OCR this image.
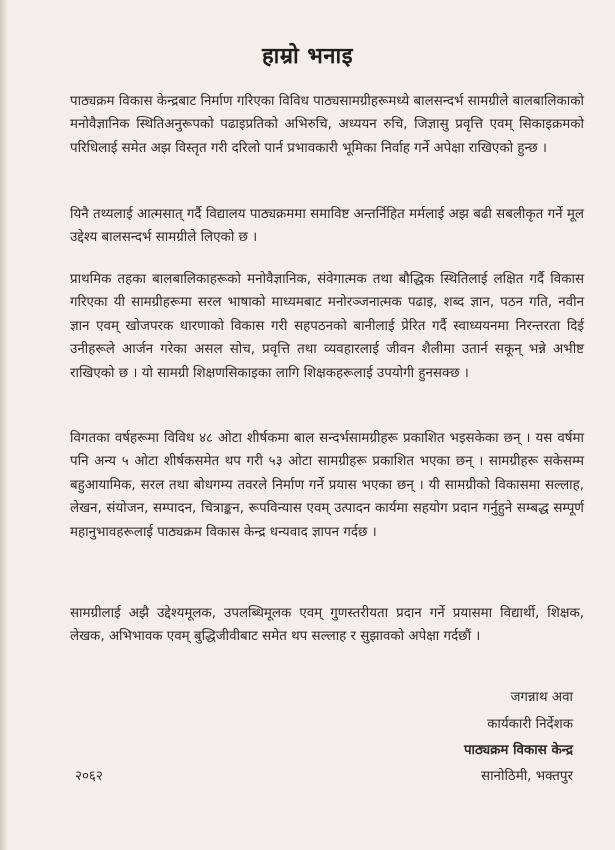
हाम्रो भनाइ

पाठ्यक्रम विकास केन्द्रबाट निर्माण गरिएका विविध पाठ्यसामग्रीहरूमध्ये बालसन्दर्भ सामग्रीले बालबालिकाको मनोवैज्ञानिक स्थितिअनुरूपको पढाइप्रतिको अभिरुचि, अध्ययन रुचि, जिज्ञासु प्रवृत्ति एवम् सिकाइक्रमको परिधिलाई समेत अझ विस्तृत गरी दरिलो पार्न प्रभावकारी भूमिका निर्वाह गर्ने अपेक्षा राखिएको हुन्छ ।

यिनै तथ्यलाई आत्मसात् गर्दै विद्यालय पाठ्यक्रममा समाविष्ट अन्तर्निहित मर्मलाई अझ बढी सबलीकृत गर्ने मूल उद्देश्य बालसन्दर्भ सामग्रीले लिएको छ ।

प्राथमिक तहका बालबालिकाहरूको मनोवैज्ञानिक, संवेगात्मक तथा बौद्धिक स्थितिलाई लक्षित गर्दै विकास गरिएका यी सामग्रीहरूमा सरल भाषाको माध्यमबाट मनोरञ्जनात्मक पढाइ, शब्द ज्ञान, पठन गति, नवीन ज्ञान एवम् खोजपरक धारणाको विकास गरी सहपठनको बानीलाई प्रेरित गर्दै स्वाध्ययनमा निरन्तरता दिई उनीहरूले आर्जन गरेका असल सोच, प्रवृत्ति तथा व्यवहारलाई जीवन शैलीमा उतार्न सकून् भन्ने अभीष्ट राखिएको छ । यो सामग्री शिक्षणसिकाइका लागि शिक्षकहरूलाई उपयोगी हुनसक्छ ।

विगतका वर्षहरूमा विविध ४८ ओटा शीर्षकमा बाल सन्दर्भसामग्रीहरू प्रकाशित भइसकेका छन् । यस वर्षमा पनि अन्य ५ ओटा शीर्षकसमेत थप गरी ५३ ओटा सामग्रीहरू प्रकाशित भएका छन् । सामग्रीहरू सकेसम्म बहुआयामिक, सरल तथा बोधगम्य तवरले निर्माण गर्ने प्रयास भएका छन् । यी सामग्रीको विकासमा सल्लाह, लेखन, संयोजन, सम्पादन, चित्राङ्कन, रूपविन्यास एवम् उत्पादन कार्यमा सहयोग प्रदान गर्नुहुने सम्बद्ध सम्पूर्ण महानुभावहरूलाई पाठ्यक्रम विकास केन्द्र धन्यवाद ज्ञापन गर्दछ ।

सामग्रीलाई अझै उद्देश्यमूलक, उपलब्धिमूलक एवम् गुणस्तरीयता प्रदान गर्ने प्रयासमा विद्यार्थी, शिक्षक, लेखक, अभिभावक एवम् बुद्धिजीवीबाट समेत थप सल्लाह र सुझावको अपेक्षा गर्दछौं ।

जगन्नाथ अवा

कार्यकारी निर्देशक

पाठ्यक्रम विकास केन्द्र

सानोठिमी, भक्तपुर

२०६२
